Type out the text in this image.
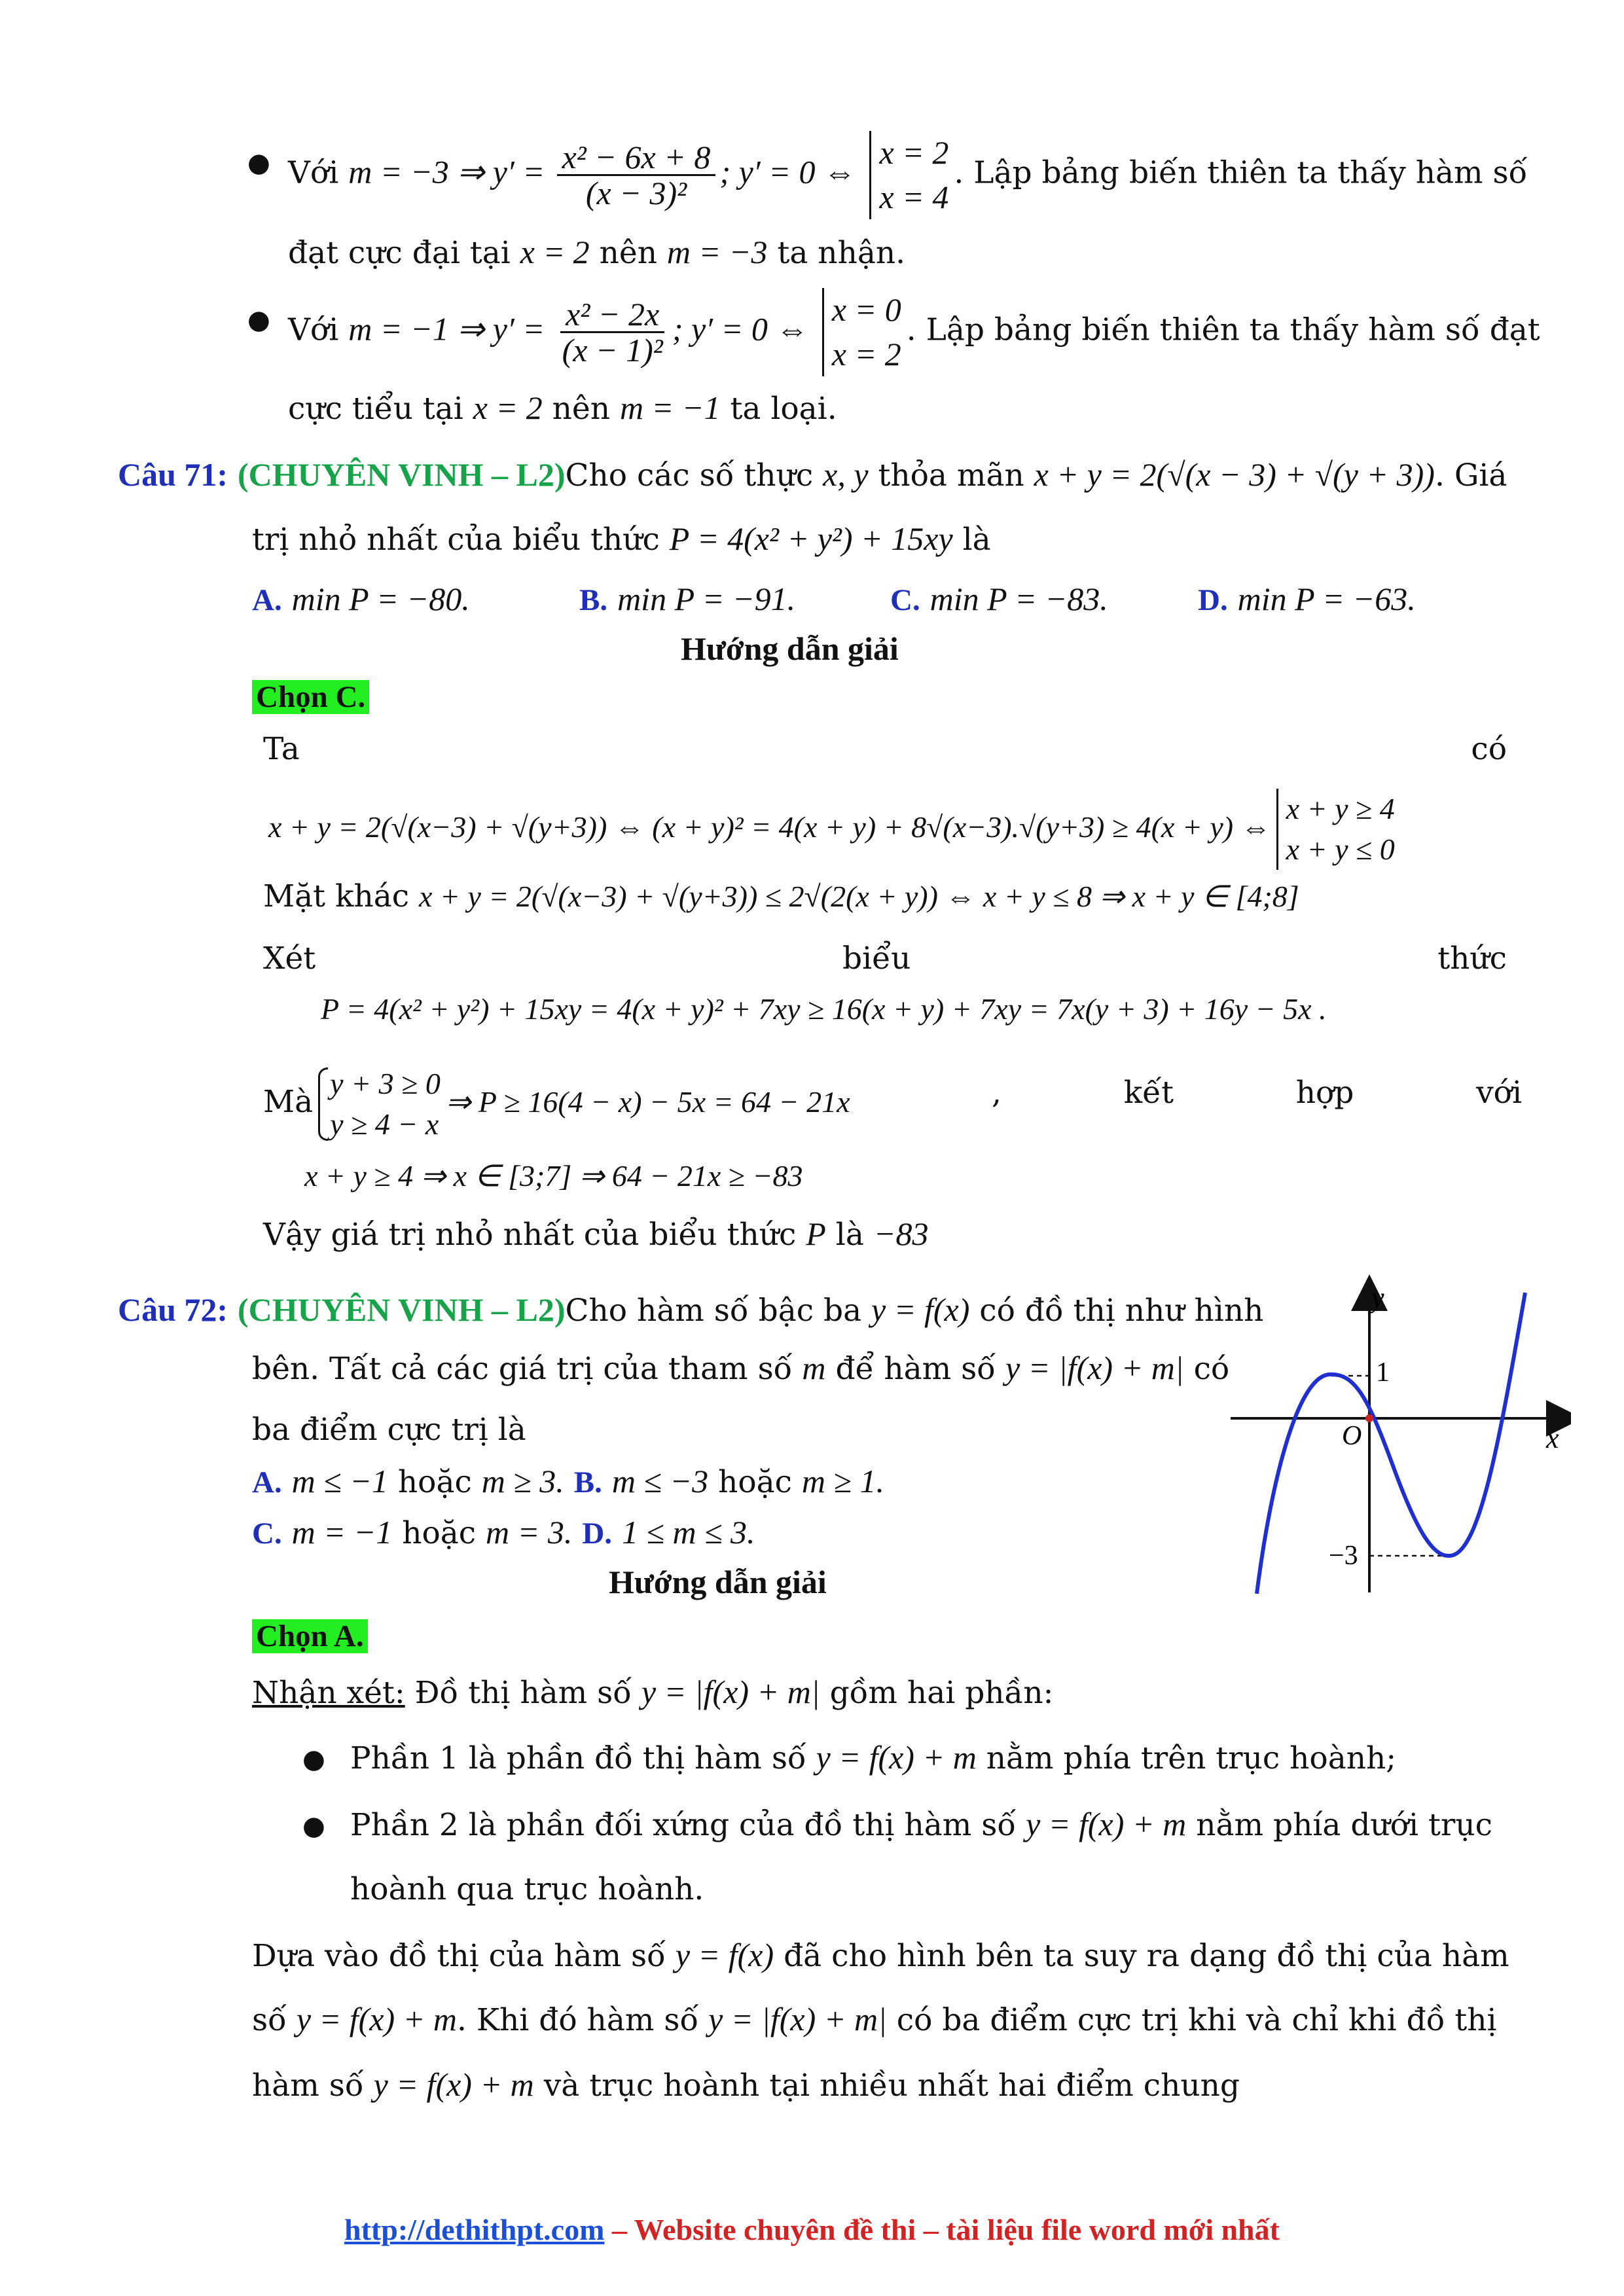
● Với m = −3 ⇒ $y' = \frac{\text{x² − 6x + 8}}{\text{(x − 3)²}}$ ; y′ = 0 ⇔
x = 2
x = 4
. Lập bảng biến thiên ta thấy hàm số
đạt cực đại tại x = 2 nên m = −3 ta nhận.
● Với m = −1 ⇒ $y' = \frac{\text{x² − 2x}}{\text{(x − 1)²}}$ ; y′ = 0 ⇔
x = 0
x = 2
. Lập bảng biến thiên ta thấy hàm số đạt
cực tiểu tại x = 2 nên m = −1 ta loại.
Câu 71: (CHUYÊN VINH – L2)Cho các số thực x, y thỏa mãn x + y = 2(√(x − 3) + √(y + 3)). Giá
trị nhỏ nhất của biểu thức P = 4(x² + y²) + 15xy là
A. min P = −80.	B. min P = −91.	C. min P = −83.	D. min P = −63.
Hướng dẫn giải
Chọn C.
Ta	có
x + y = 2(√(x−3) + √(y+3)) ⇔ (x + y)² = 4(x + y) + 8√(x−3).√(y+3) ≥ 4(x + y) ⇔
x + y ≥ 4
x + y ≤ 0
Mặt khác x + y = 2(√(x−3) + √(y+3)) ≤ 2√(2(x + y)) ⇔ x + y ≤ 8 ⇒ x + y ∈ [4;8]
Xét	biểu	thức
P = 4(x² + y²) + 15xy = 4(x + y)² + 7xy ≥ 16(x + y) + 7xy = 7x(y + 3) + 16y − 5x .
Mà
y + 3 ≥ 0
y ≥ 4 − x
⇒ P ≥ 16(4 − x) − 5x = 64 − 21x	,	kết	hợp	với
x + y ≥ 4 ⇒ x ∈ [3;7] ⇒ 64 − 21x ≥ −83
Vậy giá trị nhỏ nhất của biểu thức P là −83
Câu 72: (CHUYÊN VINH – L2)Cho hàm số bậc ba y = f(x) có đồ thị như hình
bên. Tất cả các giá trị của tham số m để hàm số y = |f(x) + m| có
ba điểm cực trị là
A. m ≤ −1 hoặc m ≥ 3. B. m ≤ −3 hoặc m ≥ 1.
C. m = −1 hoặc m = 3. D. 1 ≤ m ≤ 3.
Hướng dẫn giải
Chọn A.
y
x
O
1
−3
Nhận xét: Đồ thị hàm số y = |f(x) + m| gồm hai phần:
● Phần 1 là phần đồ thị hàm số y = f(x) + m nằm phía trên trục hoành;
● Phần 2 là phần đối xứng của đồ thị hàm số y = f(x) + m nằm phía dưới trục
hoành qua trục hoành.
Dựa vào đồ thị của hàm số y = f(x) đã cho hình bên ta suy ra dạng đồ thị của hàm
số y = f(x) + m. Khi đó hàm số y = |f(x) + m| có ba điểm cực trị khi và chỉ khi đồ thị
hàm số y = f(x) + m và trục hoành tại nhiều nhất hai điểm chung
http://dethithpt.com – Website chuyên đề thi – tài liệu file word mới nhất
